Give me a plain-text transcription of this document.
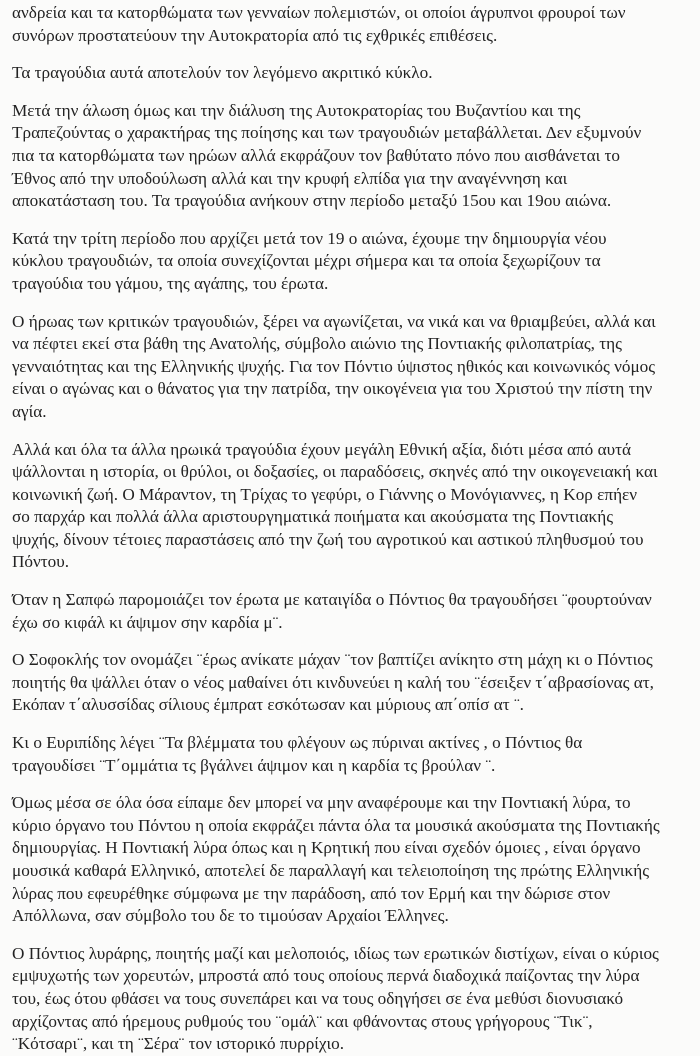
ανδρεία και τα κατορθώματα των γενναίων πολεμιστών, οι οποίοι άγρυπνοι φρουροί των
συνόρων προστατεύουν την Αυτοκρατορία από τις εχθρικές επιθέσεις.

Τα τραγούδια αυτά αποτελούν τον λεγόμενο ακριτικό κύκλο.

Μετά την άλωση όμως και την διάλυση της Αυτοκρατορίας του Βυζαντίου και της
Τραπεζούντας ο χαρακτήρας της ποίησης και των τραγουδιών μεταβάλλεται. Δεν εξυμνούν
πια τα κατορθώματα των ηρώων αλλά εκφράζουν τον βαθύτατο πόνο που αισθάνεται το
Έθνος από την υποδούλωση αλλά και την κρυφή ελπίδα για την αναγέννηση και
αποκατάσταση του. Τα τραγούδια ανήκουν στην περίοδο μεταξύ 15ου και 19ου αιώνα.

Κατά την τρίτη περίοδο που αρχίζει μετά τον 19 ο αιώνα, έχουμε την δημιουργία νέου
κύκλου τραγουδιών, τα οποία συνεχίζονται μέχρι σήμερα και τα οποία ξεχωρίζουν τα
τραγούδια του γάμου, της αγάπης, του έρωτα.

Ο ήρωας των κριτικών τραγουδιών, ξέρει να αγωνίζεται, να νικά και να θριαμβεύει, αλλά και
να πέφτει εκεί στα βάθη της Ανατολής, σύμβολο αιώνιο της Ποντιακής φιλοπατρίας, της
γενναιότητας και της Ελληνικής ψυχής. Για τον Πόντιο ύψιστος ηθικός και κοινωνικός νόμος
είναι ο αγώνας και ο θάνατος για την πατρίδα, την οικογένεια για του Χριστού την πίστη την
αγία.

Αλλά και όλα τα άλλα ηρωικά τραγούδια έχουν μεγάλη Εθνική αξία, διότι μέσα από αυτά
ψάλλονται η ιστορία, οι θρύλοι, οι δοξασίες, οι παραδόσεις, σκηνές από την οικογενειακή και
κοινωνική ζωή. Ο Μάραντον, τη Τρίχας το γεφύρι, ο Γιάννης ο Μονόγιαννες, η Κορ επήεν
σο παρχάρ και πολλά άλλα αριστουργηματικά ποιήματα και ακούσματα της Ποντιακής
ψυχής, δίνουν τέτοιες παραστάσεις από την ζωή του αγροτικού και αστικού πληθυσμού του
Πόντου.

Όταν η Σαπφώ παρομοιάζει τον έρωτα με καταιγίδα ο Πόντιος θα τραγουδήσει ¨φουρτούναν
έχω σο κιφάλ κι άψιμον σην καρδία μ¨.

Ο Σοφοκλής τον ονομάζει ¨έρως ανίκατε μάχαν ¨τον βαπτίζει ανίκητο στη μάχη κι ο Πόντιος
ποιητής θα ψάλλει όταν ο νέος μαθαίνει ότι κινδυνεύει η καλή του ¨έσειξεν τ΄αβρασίονας ατ,
Εκόπαν τ΄αλυσσίδας σίλιους έμπρατ εσκότωσαν και μύριους απ΄οπίσ ατ ¨.

Κι ο Ευριπίδης λέγει ¨Τα βλέμματα του φλέγουν ως πύριναι ακτίνες , ο Πόντιος θα
τραγουδίσει ¨Τ΄ομμάτια τς βγάλνει άψιμον και η καρδία τς βρούλαν ¨.

Όμως μέσα σε όλα όσα είπαμε δεν μπορεί να μην αναφέρουμε και την Ποντιακή λύρα, το
κύριο όργανο του Πόντου η οποία εκφράζει πάντα όλα τα μουσικά ακούσματα της Ποντιακής
δημιουργίας. Η Ποντιακή λύρα όπως και η Κρητική που είναι σχεδόν όμοιες , είναι όργανο
μουσικά καθαρά Ελληνικό, αποτελεί δε παραλλαγή και τελειοποίηση της πρώτης Ελληνικής
λύρας που εφευρέθηκε σύμφωνα με την παράδοση, από τον Ερμή και την δώρισε στον
Απόλλωνα, σαν σύμβολο του δε το τιμούσαν Αρχαίοι Έλληνες.

Ο Πόντιος λυράρης, ποιητής μαζί και μελοποιός, ιδίως των ερωτικών διστίχων, είναι ο κύριος
εμψυχωτής των χορευτών, μπροστά από τους οποίους περνά διαδοχικά παίζοντας την λύρα
του, έως ότου φθάσει να τους συνεπάρει και να τους οδηγήσει σε ένα μεθύσι διονυσιακό
αρχίζοντας από ήρεμους ρυθμούς του ¨ομάλ¨ και φθάνοντας στους γρήγορους ¨Τικ¨,
¨Κότσαρι¨, και τη ¨Σέρα¨ τον ιστορικό πυρρίχιο.
